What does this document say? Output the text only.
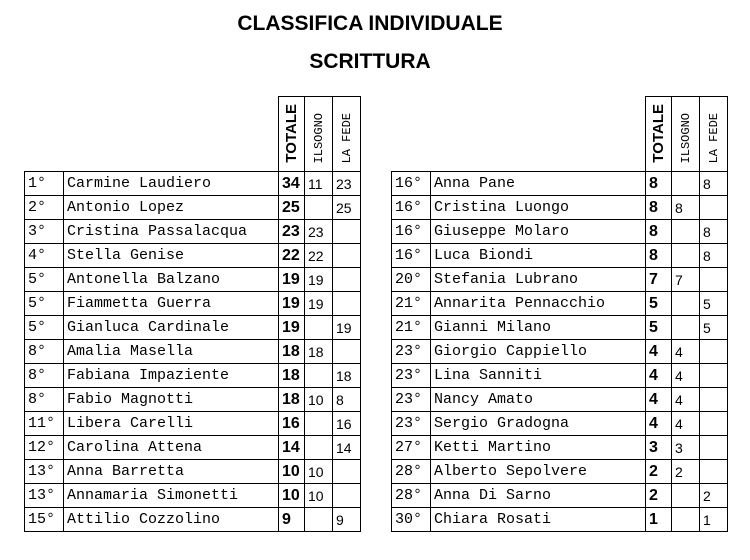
CLASSIFICA INDIVIDUALE
SCRITTURA
		TOTALE	ILSOGNO	LA FEDE
1°	Carmine Laudiero	34	11	23
2°	Antonio Lopez	25		25
3°	Cristina Passalacqua	23	23	
4°	Stella Genise	22	22	
5°	Antonella Balzano	19	19	
5°	Fiammetta Guerra	19	19	
5°	Gianluca Cardinale	19		19
8°	Amalia Masella	18	18	
8°	Fabiana Impaziente	18		18
8°	Fabio Magnotti	18	10	8
11°	Libera Carelli	16		16
12°	Carolina Attena	14		14
13°	Anna Barretta	10	10	
13°	Annamaria Simonetti	10	10	
15°	Attilio Cozzolino	9		9
		TOTALE	ILSOGNO	LA FEDE
16°	Anna Pane	8		8
16°	Cristina Luongo	8	8	
16°	Giuseppe Molaro	8		8
16°	Luca Biondi	8		8
20°	Stefania Lubrano	7	7	
21°	Annarita Pennacchio	5		5
21°	Gianni Milano	5		5
23°	Giorgio Cappiello	4	4	
23°	Lina Sanniti	4	4	
23°	Nancy Amato	4	4	
23°	Sergio Gradogna	4	4	
27°	Ketti Martino	3	3	
28°	Alberto Sepolvere	2	2	
28°	Anna Di Sarno	2		2
30°	Chiara Rosati	1		1
